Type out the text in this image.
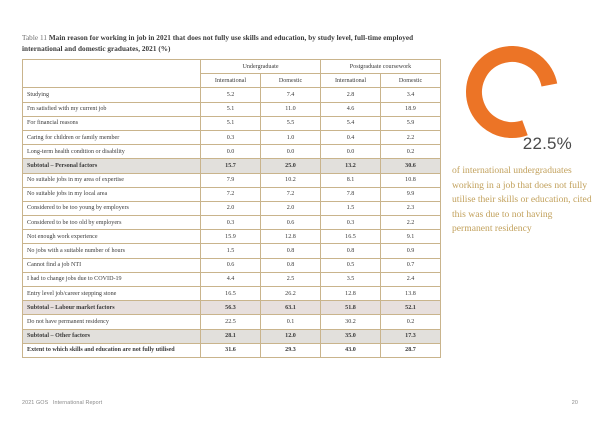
Table 11 Main reason for working in job in 2021 that does not fully use skills and education, by study level, full-time employed international and domestic graduates, 2021 (%)
	Undergraduate		Postgraduate coursework	
	International	Domestic	International	Domestic
Studying	5.2	7.4	2.8	3.4
I'm satisfied with my current job	5.1	11.0	4.6	18.9
For financial reasons	5.1	5.5	5.4	5.9
Caring for children or family member	0.3	1.0	0.4	2.2
Long-term health condition or disability	0.0	0.0	0.0	0.2
Subtotal – Personal factors	15.7	25.0	13.2	30.6
No suitable jobs in my area of expertise	7.9	10.2	8.1	10.8
No suitable jobs in my local area	7.2	7.2	7.8	9.9
Considered to be too young by employers	2.0	2.0	1.5	2.3
Considered to be too old by employers	0.3	0.6	0.3	2.2
Not enough work experience	15.9	12.8	16.5	9.1
No jobs with a suitable number of hours	1.5	0.8	0.8	0.9
Cannot find a job NTI	0.6	0.8	0.5	0.7
I had to change jobs due to COVID-19	4.4	2.5	3.5	2.4
Entry level job/career stepping stone	16.5	26.2	12.8	13.8
Subtotal – Labour market factors	56.3	63.1	51.8	52.1
Do not have permanent residency	22.5	0.1	30.2	0.2
Subtotal – Other factors	28.1	12.0	35.0	17.3
Extent to which skills and education are not fully utilised	31.6	29.3	43.0	28.7
22.5%
of international undergraduates working in a job that does not fully utilise their skills or education, cited this was due to not having permanent residency
2021 GOS International Report	20
